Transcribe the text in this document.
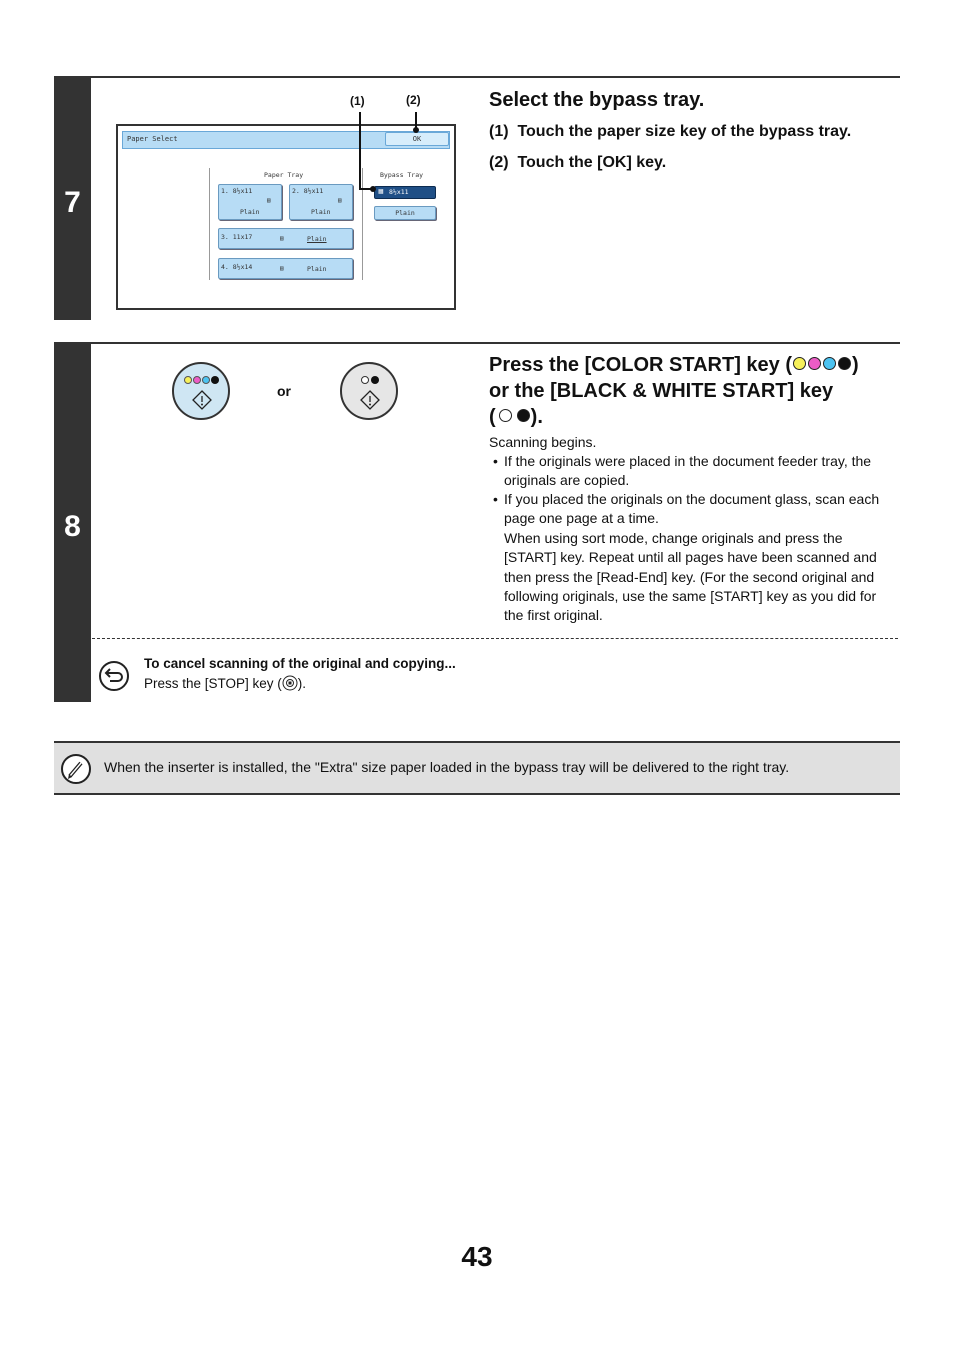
7
Paper Select	OK
Paper Tray	Bypass Tray
1. 8½x11
▤
Plain
2. 8½x11
▤
Plain
3. 11x17	▤	Plain
4. 8½x14	▤	Plain
▦ 8½x11
Plain
(1)	(2)	Select the bypass tray.
(1)  Touch the paper size key of the bypass tray.
(2)  Touch the [OK] key.
8
or
Press the [COLOR START] key (	)
or the [BLACK & WHITE START] key
( ).
Scanning begins.
• If the originals were placed in the document feeder tray, the originals are copied.
• If you placed the originals on the document glass, scan each page one page at a time.
When using sort mode, change originals and press the [START] key. Repeat until all pages have been scanned and then press the [Read-End] key. (For the second original and following originals, use the same [START] key as you did for the first original.
To cancel scanning of the original and copying...
Press the [STOP] key ( ).
When the inserter is installed, the "Extra" size paper loaded in the bypass tray will be delivered to the right tray.
43
